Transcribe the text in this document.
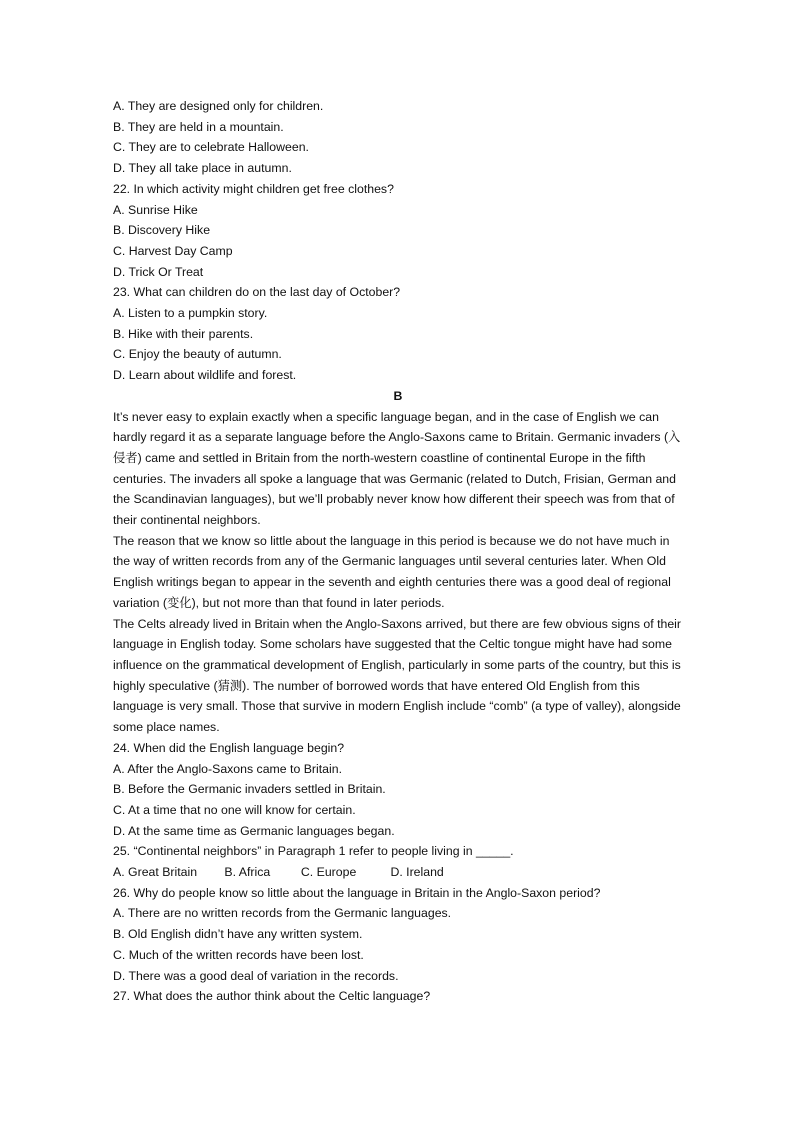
A. They are designed only for children.
B. They are held in a mountain.
C. They are to celebrate Halloween.
D. They all take place in autumn.
22. In which activity might children get free clothes?
A. Sunrise Hike
B. Discovery Hike
C. Harvest Day Camp
D. Trick Or Treat
23. What can children do on the last day of October?
A. Listen to a pumpkin story.
B. Hike with their parents.
C. Enjoy the beauty of autumn.
D. Learn about wildlife and forest.
B
It’s never easy to explain exactly when a specific language began, and in the case of English we can hardly regard it as a separate language before the Anglo-Saxons came to Britain. Germanic invaders (入侵者) came and settled in Britain from the north-western coastline of continental Europe in the fifth centuries. The invaders all spoke a language that was Germanic (related to Dutch, Frisian, German and the Scandinavian languages), but we’ll probably never know how different their speech was from that of their continental neighbors.
The reason that we know so little about the language in this period is because we do not have much in the way of written records from any of the Germanic languages until several centuries later. When Old English writings began to appear in the seventh and eighth centuries there was a good deal of regional variation (变化), but not more than that found in later periods.
The Celts already lived in Britain when the Anglo-Saxons arrived, but there are few obvious signs of their language in English today. Some scholars have suggested that the Celtic tongue might have had some influence on the grammatical development of English, particularly in some parts of the country, but this is highly speculative (猜测). The number of borrowed words that have entered Old English from this language is very small. Those that survive in modern English include “comb” (a type of valley), alongside some place names.
24. When did the English language begin?
A. After the Anglo-Saxons came to Britain.
B. Before the Germanic invaders settled in Britain.
C. At a time that no one will know for certain.
D. At the same time as Germanic languages began.
25. “Continental neighbors” in Paragraph 1 refer to people living in _____.
A. Great Britain        B. Africa         C. Europe          D. Ireland
26. Why do people know so little about the language in Britain in the Anglo-Saxon period?
A. There are no written records from the Germanic languages.
B. Old English didn’t have any written system.
C. Much of the written records have been lost.
D. There was a good deal of variation in the records.
27. What does the author think about the Celtic language?
